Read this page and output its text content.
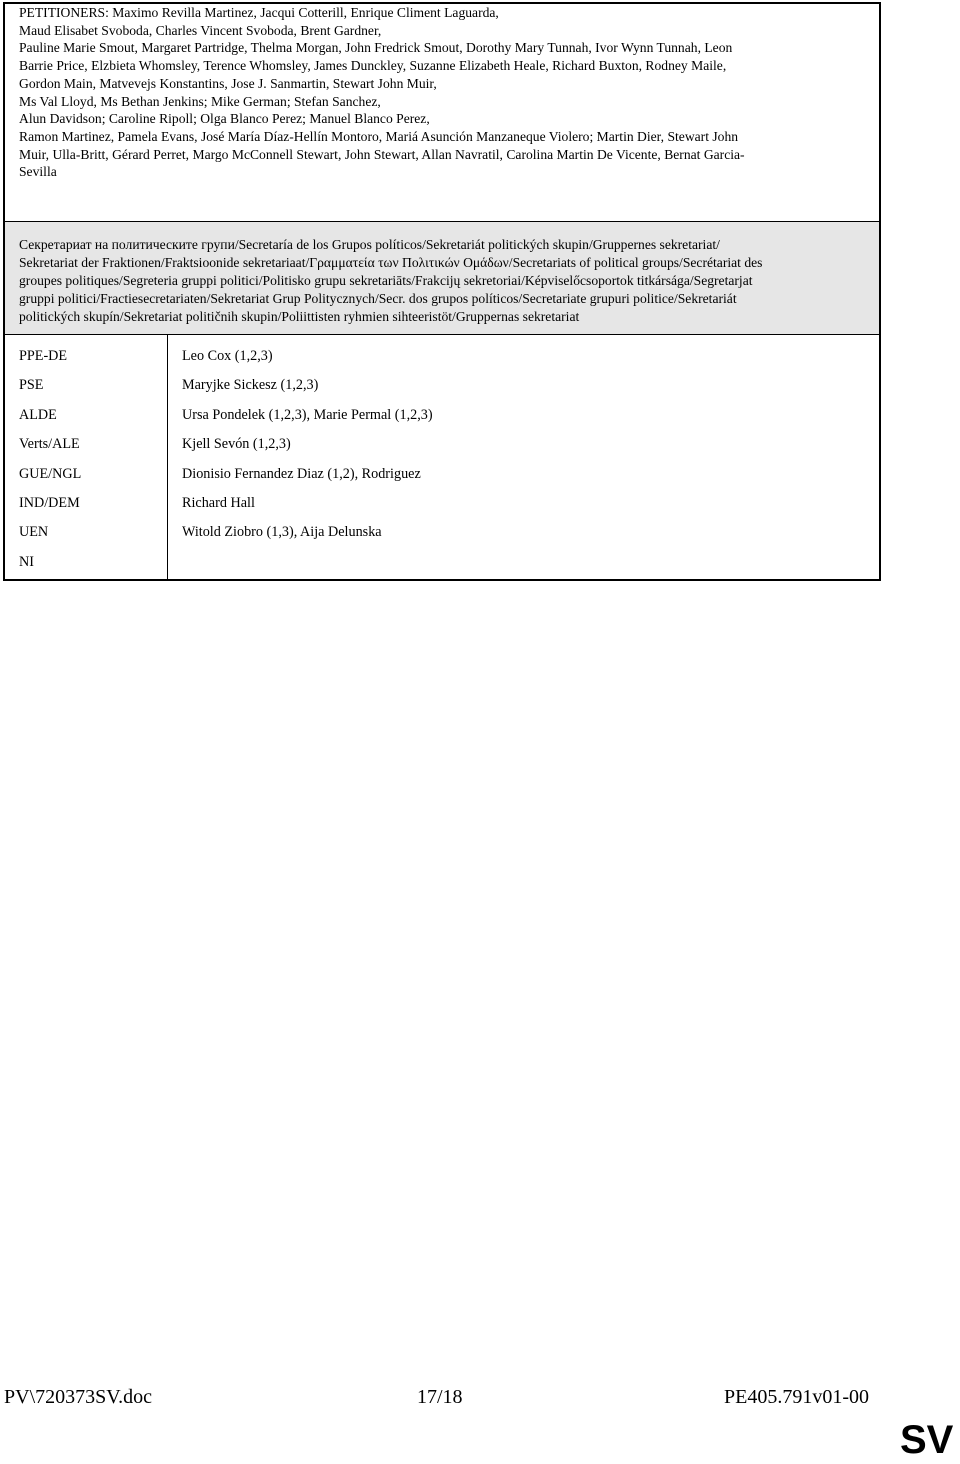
PETITIONERS: Maximo Revilla Martinez, Jacqui Cotterill, Enrique Climent Laguarda,
Maud Elisabet Svoboda, Charles Vincent Svoboda, Brent Gardner,
Pauline Marie Smout, Margaret Partridge, Thelma Morgan, John Fredrick Smout, Dorothy Mary Tunnah, Ivor Wynn Tunnah, Leon
Barrie Price, Elzbieta Whomsley, Terence Whomsley, James Dunckley, Suzanne Elizabeth Heale, Richard Buxton, Rodney Maile,
Gordon Main, Matvevejs Konstantins, Jose J. Sanmartin, Stewart John Muir,
Ms Val Lloyd, Ms Bethan Jenkins; Mike German; Stefan Sanchez,
Alun Davidson; Caroline Ripoll; Olga Blanco Perez; Manuel Blanco Perez,
Ramon Martinez, Pamela Evans, José María Díaz-Hellín Montoro, Mariá Asunción Manzaneque Violero; Martin Dier, Stewart John
Muir, Ulla-Britt, Gérard Perret, Margo McConnell Stewart, John Stewart, Allan Navratil, Carolina Martin De Vicente, Bernat Garcia-
Sevilla
Секретариат на политическите групи/Secretaría de los Grupos políticos/Sekretariát politických skupin/Gruppernes sekretariat/
Sekretariat der Fraktionen/Fraktsioonide sekretariaat/Γραμματεία των Πολιτικών Ομάδων/Secretariats of political groups/Secrétariat des
groupes politiques/Segreteria gruppi politici/Politisko grupu sekretariāts/Frakcijų sekretoriai/Képviselőcsoportok titkársága/Segretarjat
gruppi politici/Fractiesecretariaten/Sekretariat Grup Politycznych/Secr. dos grupos políticos/Secretariate grupuri politice/Sekretariát
politických skupín/Sekretariat političnih skupin/Poliittisten ryhmien sihteeristöt/Gruppernas sekretariat
PPE-DE
PSE
ALDE
Verts/ALE
GUE/NGL
IND/DEM
UEN
NI
Leo Cox (1,2,3)
Maryjke Sickesz (1,2,3)
Ursa Pondelek (1,2,3), Marie Permal (1,2,3)
Kjell Sevón (1,2,3)
Dionisio Fernandez Diaz (1,2), Rodriguez
Richard Hall
Witold Ziobro (1,3), Aija Delunska
PV\720373SV.doc	17/18	PE405.791v01-00
SV
